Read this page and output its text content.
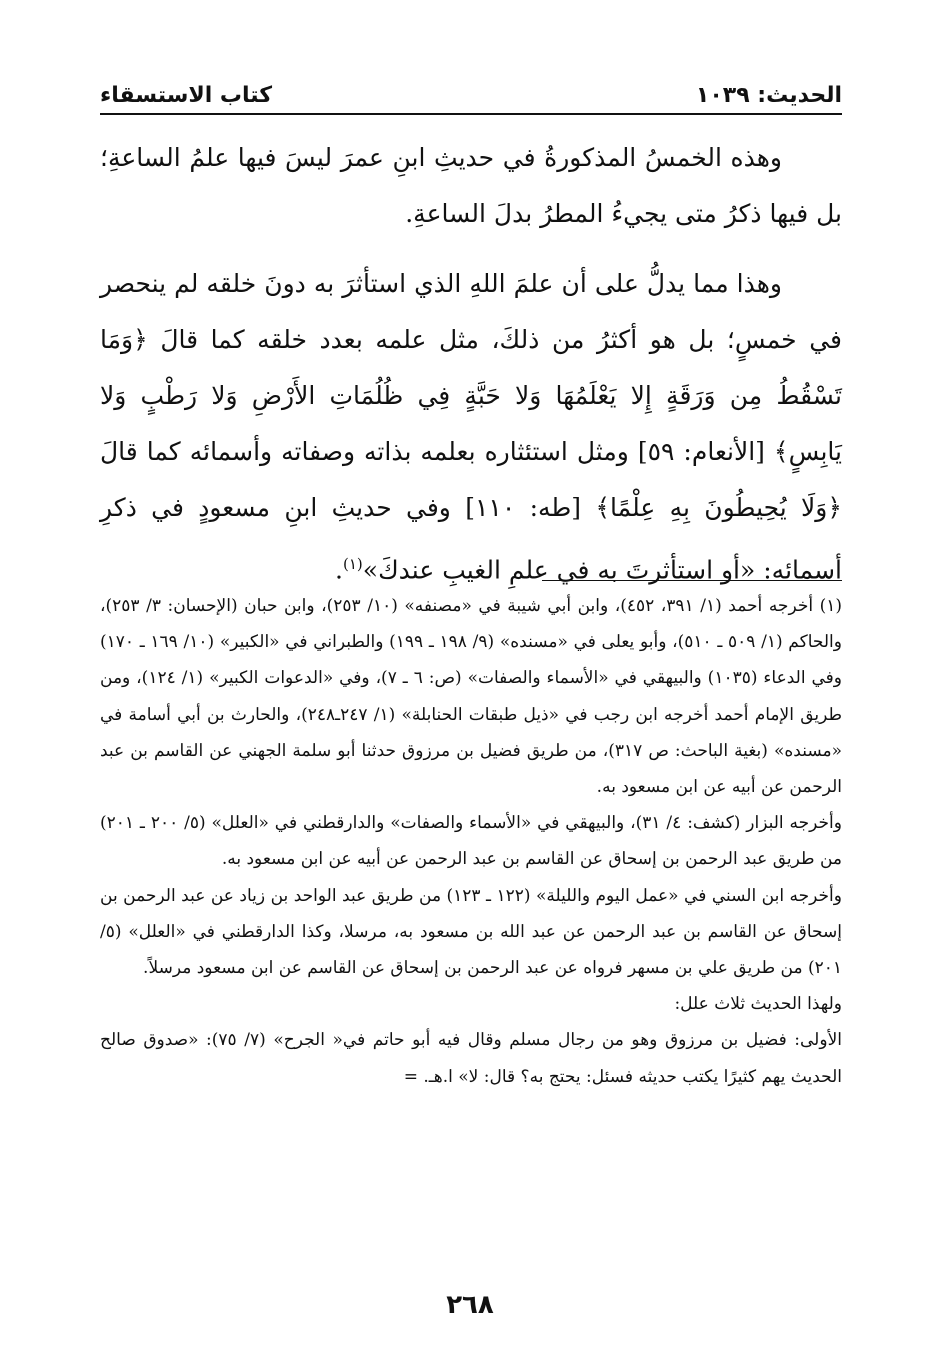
الحديث: ١٠٣٩
كتاب الاستسقاء

وهذه الخمسُ المذكورةُ في حديثِ ابنِ عمرَ ليسَ فيها علمُ الساعةِ؛ بل فيها ذكرُ متى يجيءُ المطرُ بدلَ الساعةِ.

وهذا مما يدلُّ على أن علمَ اللهِ الذي استأثرَ به دونَ خلقه لم ينحصر في خمسٍ؛ بل هو أكثرُ من ذلكَ، مثل علمه بعدد خلقه كما قالَ ﴿وَمَا تَسْقُطُ مِن وَرَقَةٍ إِلا يَعْلَمُهَا وَلا حَبَّةٍ فِي ظُلُمَاتِ الأَرْضِ وَلا رَطْبٍ وَلا يَابِسٍ﴾ [الأنعام: ٥٩] ومثل استئثاره بعلمه بذاته وصفاته وأسمائه كما قالَ ﴿وَلَا يُحِيطُونَ بِهِ عِلْمًا﴾ [طه: ١١٠] وفي حديثِ ابنِ مسعودٍ في ذكرِ أسمائه: «أو استأثرتَ به في علمِ الغيبِ عندكَ»$^{(١)}$.

(١) أخرجه أحمد (١/ ٣٩١، ٤٥٢)، وابن أبي شيبة في «مصنفه» (١٠/ ٢٥٣)، وابن حبان (الإحسان: ٣/ ٢٥٣)، والحاكم (١/ ٥٠٩ ـ ٥١٠)، وأبو يعلى في «مسنده» (٩/ ١٩٨ ـ ١٩٩) والطبراني في «الكبير» (١٠/ ١٦٩ ـ ١٧٠) وفي الدعاء (١٠٣٥) والبيهقي في «الأسماء والصفات» (ص: ٦ ـ ٧)، وفي «الدعوات الكبير» (١/ ١٢٤)، ومن طريق الإمام أحمد أخرجه ابن رجب في «ذيل طبقات الحنابلة» (١/ ٢٤٧ـ٢٤٨)، والحارث بن أبي أسامة في «مسنده» (بغية الباحث: ص ٣١٧)، من طريق فضيل بن مرزوق حدثنا أبو سلمة الجهني عن القاسم بن عبد الرحمن عن أبيه عن ابن مسعود به.

وأخرجه البزار (كشف: ٤/ ٣١)، والبيهقي في «الأسماء والصفات» والدارقطني في «العلل» (٥/ ٢٠٠ ـ ٢٠١) من طريق عبد الرحمن بن إسحاق عن القاسم بن عبد الرحمن عن أبيه عن ابن مسعود به.

وأخرجه ابن السني في «عمل اليوم والليلة» (١٢٢ ـ ١٢٣) من طريق عبد الواحد بن زياد عن عبد الرحمن بن إسحاق عن القاسم بن عبد الرحمن عن عبد الله بن مسعود به، مرسلا، وكذا الدارقطني في «العلل» (٥/ ٢٠١) من طريق علي بن مسهر فرواه عن عبد الرحمن بن إسحاق عن القاسم عن ابن مسعود مرسلاً.

ولهذا الحديث ثلاث علل:

الأولى: فضيل بن مرزوق وهو من رجال مسلم وقال فيه أبو حاتم في« الجرح» (٧/ ٧٥): «صدوق صالح الحديث يهم كثيرًا يكتب حديثه فسئل: يحتج به؟ قال: لا» ا.هـ. =

٢٦٨
